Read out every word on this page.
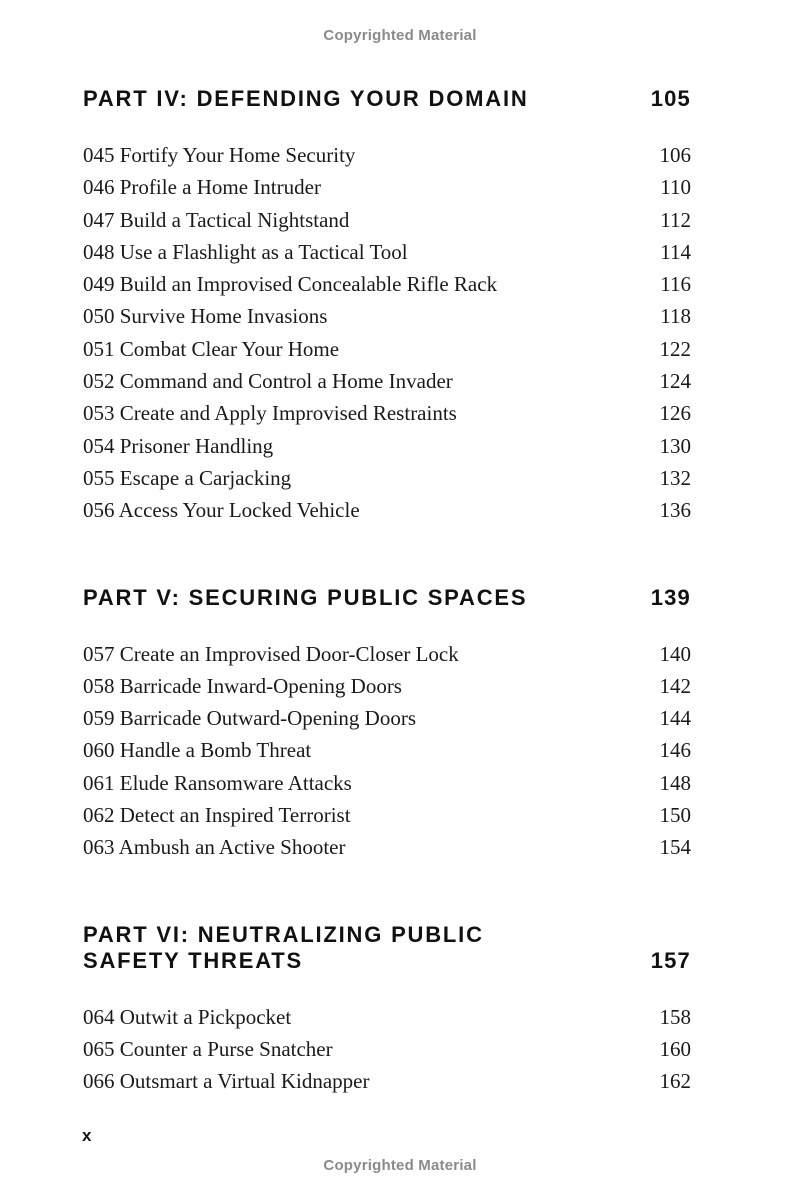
Copyrighted Material
PART IV: DEFENDING YOUR DOMAIN	105
045 Fortify Your Home Security	106
046 Profile a Home Intruder	110
047 Build a Tactical Nightstand	112
048 Use a Flashlight as a Tactical Tool	114
049 Build an Improvised Concealable Rifle Rack	116
050 Survive Home Invasions	118
051 Combat Clear Your Home	122
052 Command and Control a Home Invader	124
053 Create and Apply Improvised Restraints	126
054 Prisoner Handling	130
055 Escape a Carjacking	132
056 Access Your Locked Vehicle	136
PART V: SECURING PUBLIC SPACES	139
057 Create an Improvised Door-Closer Lock	140
058 Barricade Inward-Opening Doors	142
059 Barricade Outward-Opening Doors	144
060 Handle a Bomb Threat	146
061 Elude Ransomware Attacks	148
062 Detect an Inspired Terrorist	150
063 Ambush an Active Shooter	154
PART VI: NEUTRALIZING PUBLIC
SAFETY THREATS	157
064 Outwit a Pickpocket	158
065 Counter a Purse Snatcher	160
066 Outsmart a Virtual Kidnapper	162
x
Copyrighted Material
